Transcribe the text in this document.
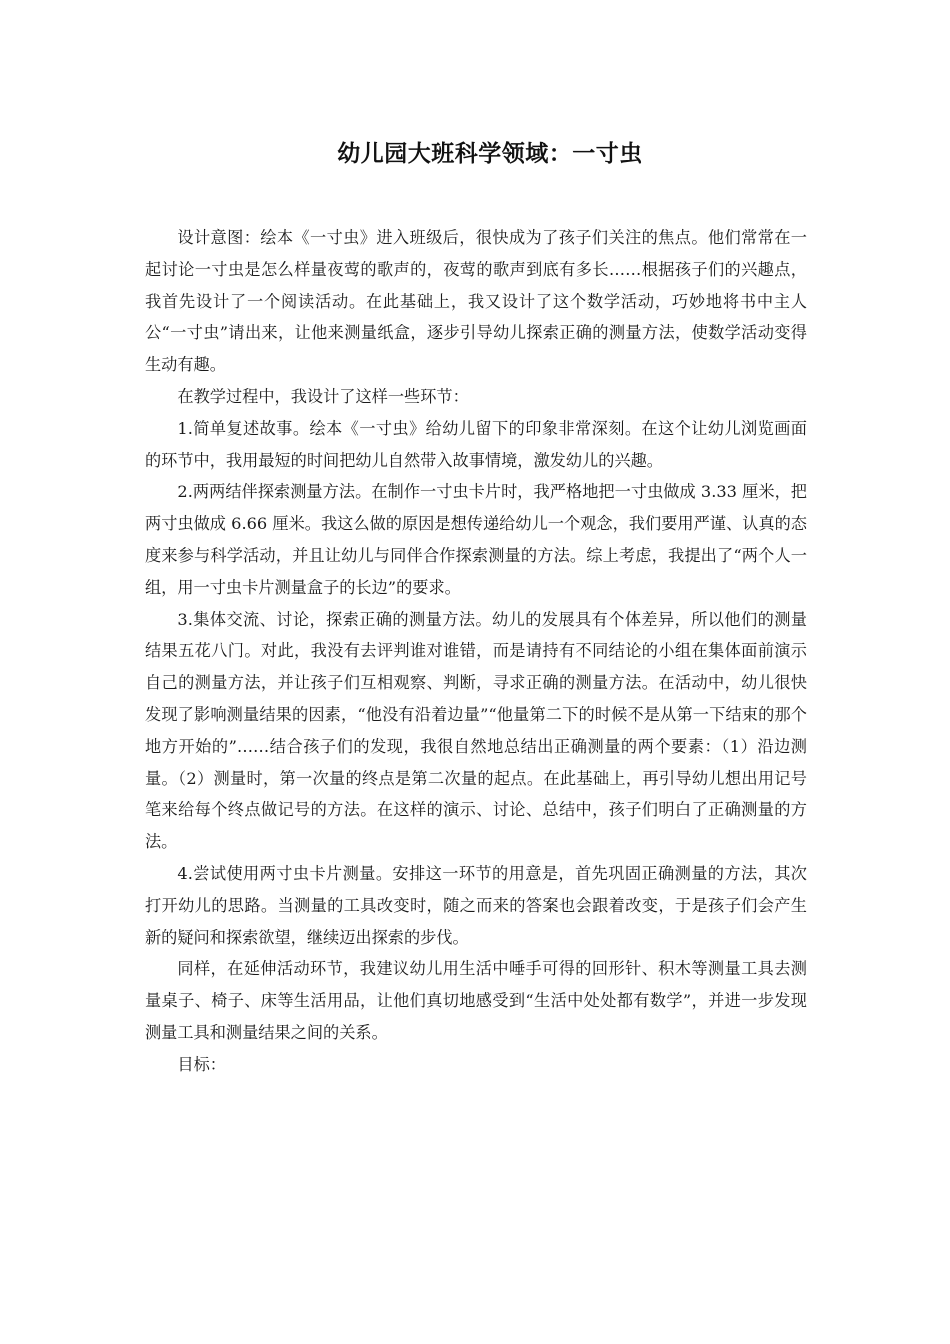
幼儿园大班科学领域：一寸虫

设计意图：绘本《一寸虫》进入班级后，很快成为了孩子们关注的焦点。他们常常在一起讨论一寸虫是怎么样量夜莺的歌声的，夜莺的歌声到底有多长……根据孩子们的兴趣点，我首先设计了一个阅读活动。在此基础上，我又设计了这个数学活动，巧妙地将书中主人公“一寸虫”请出来，让他来测量纸盒，逐步引导幼儿探索正确的测量方法，使数学活动变得生动有趣。

在教学过程中，我设计了这样一些环节：

1.简单复述故事。绘本《一寸虫》给幼儿留下的印象非常深刻。在这个让幼儿浏览画面的环节中，我用最短的时间把幼儿自然带入故事情境，激发幼儿的兴趣。

2.两两结伴探索测量方法。在制作一寸虫卡片时，我严格地把一寸虫做成 3.33 厘米，把两寸虫做成 6.66 厘米。我这么做的原因是想传递给幼儿一个观念，我们要用严谨、认真的态度来参与科学活动，并且让幼儿与同伴合作探索测量的方法。综上考虑，我提出了“两个人一组，用一寸虫卡片测量盒子的长边”的要求。

3.集体交流、讨论，探索正确的测量方法。幼儿的发展具有个体差异，所以他们的测量结果五花八门。对此，我没有去评判谁对谁错，而是请持有不同结论的小组在集体面前演示自己的测量方法，并让孩子们互相观察、判断，寻求正确的测量方法。在活动中，幼儿很快发现了影响测量结果的因素，“他没有沿着边量”“他量第二下的时候不是从第一下结束的那个地方开始的”……结合孩子们的发现，我很自然地总结出正确测量的两个要素：（1）沿边测量。（2）测量时，第一次量的终点是第二次量的起点。在此基础上，再引导幼儿想出用记号笔来给每个终点做记号的方法。在这样的演示、讨论、总结中，孩子们明白了正确测量的方法。

4.尝试使用两寸虫卡片测量。安排这一环节的用意是，首先巩固正确测量的方法，其次打开幼儿的思路。当测量的工具改变时，随之而来的答案也会跟着改变，于是孩子们会产生新的疑问和探索欲望，继续迈出探索的步伐。

同样，在延伸活动环节，我建议幼儿用生活中唾手可得的回形针、积木等测量工具去测量桌子、椅子、床等生活用品，让他们真切地感受到“生活中处处都有数学”，并进一步发现测量工具和测量结果之间的关系。

目标：
